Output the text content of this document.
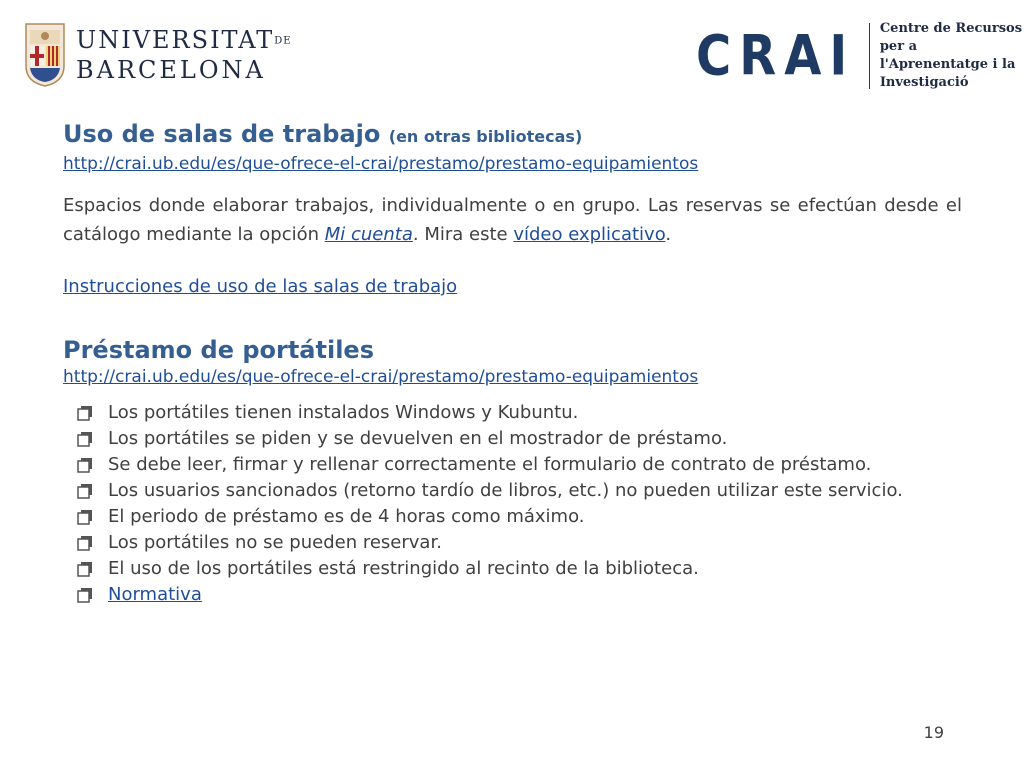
UNIVERSITATDE
BARCELONA	CRAI Centre de Recursos per a
l'Aprenentatge i la Investigació
Uso de salas de trabajo (en otras bibliotecas)
http://crai.ub.edu/es/que-ofrece-el-crai/prestamo/prestamo-equipamientos
Espacios donde elaborar trabajos, individualmente o en grupo. Las reservas se efectúan desde el catálogo mediante la opción Mi cuenta. Mira este vídeo explicativo.
Instrucciones de uso de las salas de trabajo
Préstamo de portátiles
http://crai.ub.edu/es/que-ofrece-el-crai/prestamo/prestamo-equipamientos
Los portátiles tienen instalados Windows y Kubuntu.
Los portátiles se piden y se devuelven en el mostrador de préstamo.
Se debe leer, firmar y rellenar correctamente el formulario de contrato de préstamo.
Los usuarios sancionados (retorno tardío de libros, etc.) no pueden utilizar este servicio.
El periodo de préstamo es de 4 horas como máximo.
Los portátiles no se pueden reservar.
El uso de los portátiles está restringido al recinto de la biblioteca.
Normativa
19
